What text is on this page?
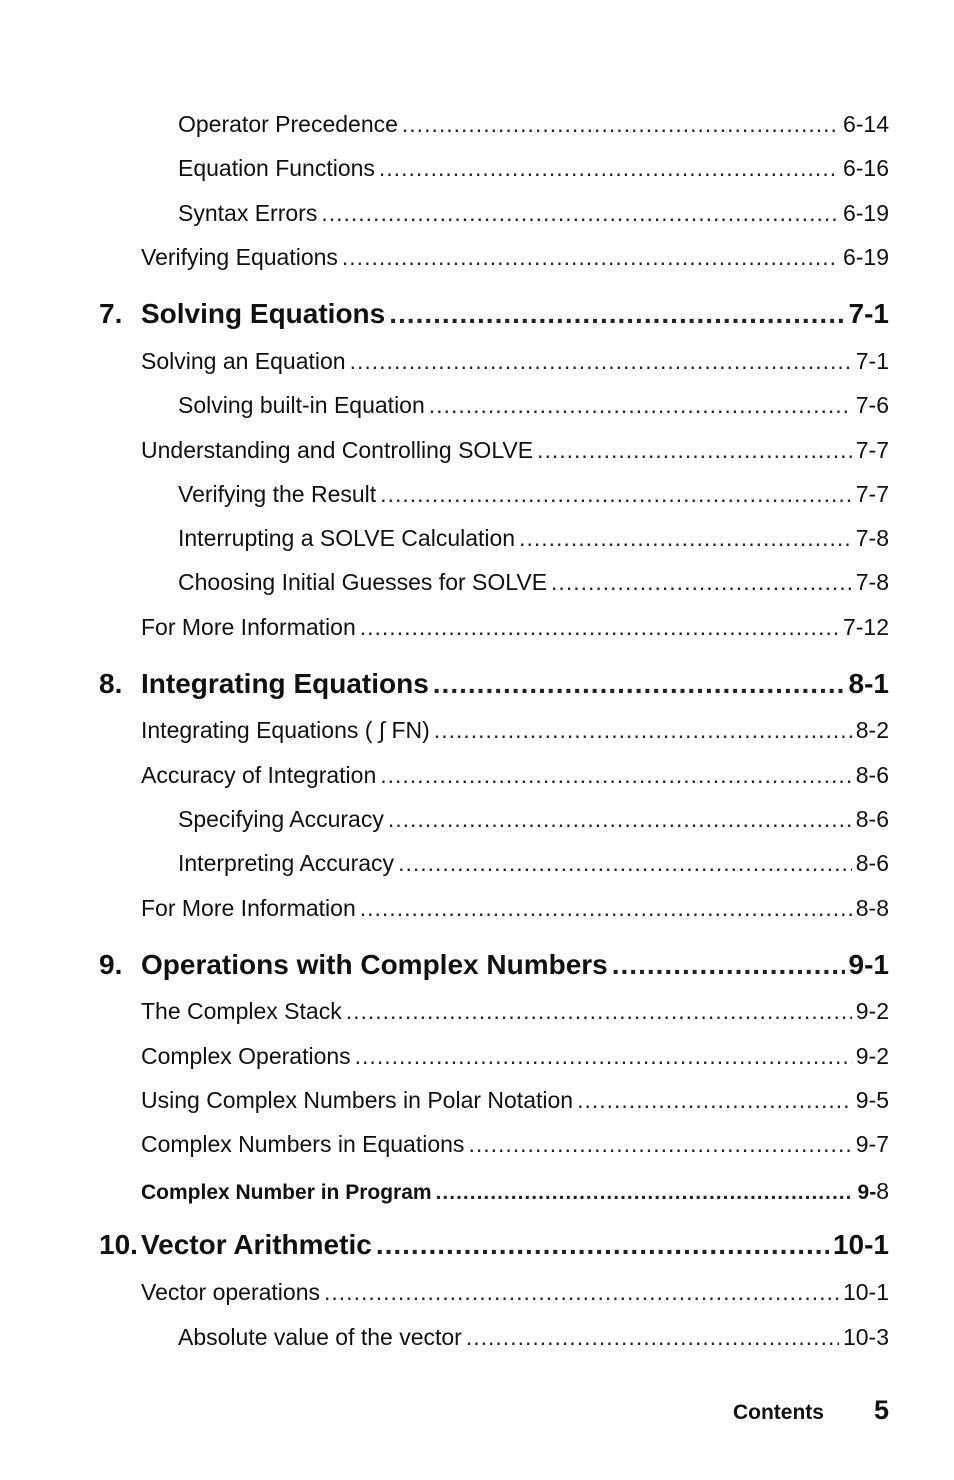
Operator Precedence .....	6-14
Equation Functions .....	6-16
Syntax Errors .....	6-19
Verifying Equations .....	6-19
7. Solving Equations .....	7-1
Solving an Equation .....	7-1
Solving built-in Equation .....	7-6
Understanding and Controlling SOLVE .....	7-7
Verifying the Result .....	7-7
Interrupting a SOLVE Calculation .....	7-8
Choosing Initial Guesses for SOLVE .....	7-8
For More Information .....	7-12
8. Integrating Equations .....	8-1
Integrating Equations ( ∫ FN) .....	8-2
Accuracy of Integration .....	8-6
Specifying Accuracy .....	8-6
Interpreting Accuracy .....	8-6
For More Information .....	8-8
9. Operations with Complex Numbers .....	9-1
The Complex Stack .....	9-2
Complex Operations .....	9-2
Using Complex Numbers in Polar Notation .....	9-5
Complex Numbers in Equations .....	9-7
Complex Number in Program .....	9-8
10. Vector Arithmetic .....	10-1
Vector operations .....	10-1
Absolute value of the vector .....	10-3
Contents 5
